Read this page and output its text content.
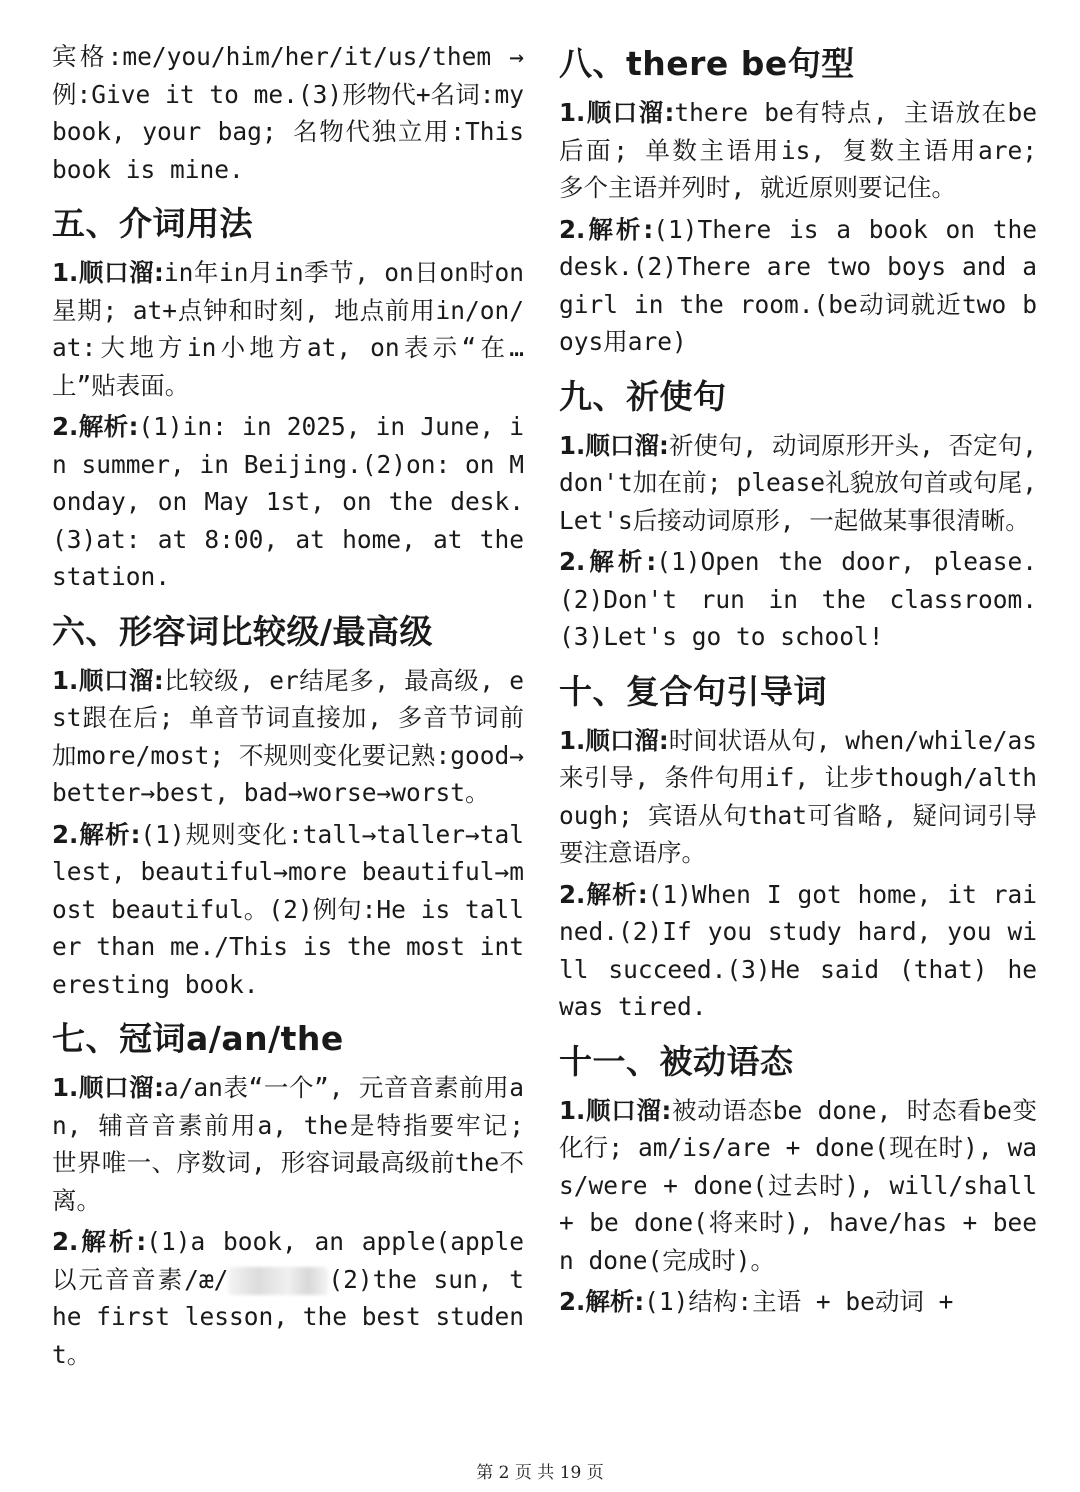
宾格:me/you/him/her/it/us/them → 例:Give it to me.(3)形物代+名词:my book, your bag; 名物代独立用:This book is mine.

五、介词用法

1.顺口溜:in年in月in季节, on日on时on星期; at+点钟和时刻, 地点前用in/on/at:大地方in小地方at, on表示“在…上”贴表面。

2.解析:(1)in: in 2025, in June, in summer, in Beijing.(2)on: on Monday, on May 1st, on the desk.(3)at: at 8:00, at home, at the station.

六、形容词比较级/最高级

1.顺口溜:比较级, er结尾多, 最高级, est跟在后; 单音节词直接加, 多音节词前加more/most; 不规则变化要记熟:good→better→best, bad→worse→worst。

2.解析:(1)规则变化:tall→taller→tallest, beautiful→more beautiful→most beautiful。(2)例句:He is taller than me./This is the most interesting book.

七、冠词a/an/the

1.顺口溜:a/an表“一个”, 元音音素前用an, 辅音音素前用a, the是特指要牢记; 世界唯一、序数词, 形容词最高级前the不离。

2.解析:(1)a book, an apple(apple以元音音素/æ/	(2)the sun, the first lesson, the best student。

八、there be句型

1.顺口溜:there be有特点, 主语放在be后面; 单数主语用is, 复数主语用are; 多个主语并列时, 就近原则要记住。

2.解析:(1)There is a book on the desk.(2)There are two boys and a girl in the room.(be动词就近two boys用are)

九、祈使句

1.顺口溜:祈使句, 动词原形开头, 否定句, don't加在前; please礼貌放句首或句尾, Let's后接动词原形, 一起做某事很清晰。

2.解析:(1)Open the door, please.(2)Don't run in the classroom.(3)Let's go to school!

十、复合句引导词

1.顺口溜:时间状语从句, when/while/as来引导, 条件句用if, 让步though/although; 宾语从句that可省略, 疑问词引导要注意语序。

2.解析:(1)When I got home, it rained.(2)If you study hard, you will succeed.(3)He said (that) he was tired.

十一、被动语态

1.顺口溜:被动语态be done, 时态看be变化行; am/is/are + done(现在时), was/were + done(过去时), will/shall + be done(将来时), have/has + been done(完成时)。

2.解析:(1)结构:主语 + be动词 +

第 2 页 共 19 页
